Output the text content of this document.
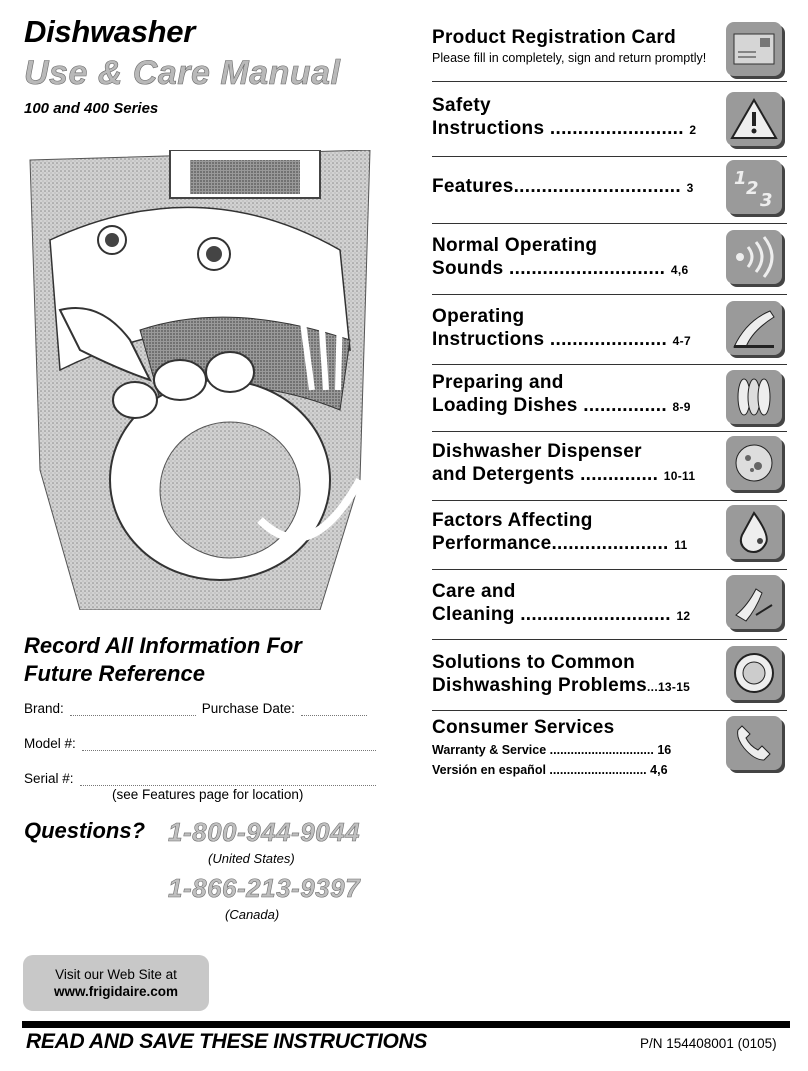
Dishwasher
Use & Care Manual
100 and 400 Series
Record All Information For
Future Reference
Brand:	Purchase Date:
Model #:
Serial #:
(see Features page for location)
Questions? 1-800-944-9044
(United States)
1-866-213-9397
(Canada)
Visit our Web Site at
www.frigidaire.com
READ AND SAVE THESE INSTRUCTIONS	P/N 154408001 (0105)
Product Registration Card
Please fill in completely, sign and return promptly!
Safety
Instructions ........................ 2
Features.............................. 3	1 2
3
Normal Operating
Sounds ............................ 4,6
Operating
Instructions ..................... 4-7
Preparing and
Loading Dishes ............... 8-9
Dishwasher Dispenser
and Detergents .............. 10-11
Factors Affecting
Performance..................... 11
Care and
Cleaning ........................... 12
Solutions to Common
Dishwashing Problems...13-15
Consumer Services
Warranty & Service .............................. 16
Versión en español ............................ 4,6
